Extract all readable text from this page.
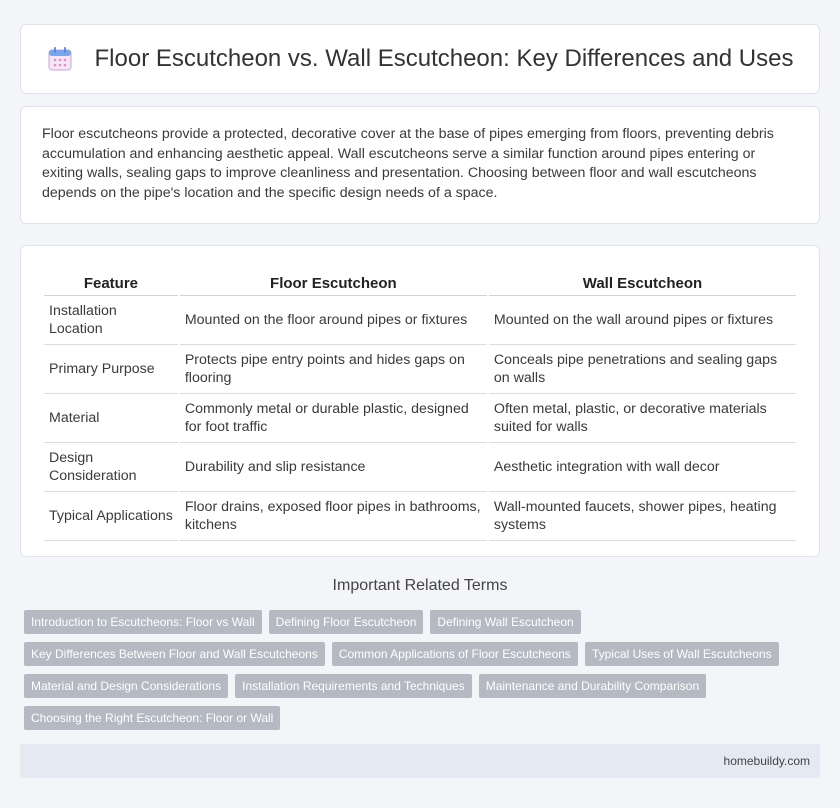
Floor Escutcheon vs. Wall Escutcheon: Key Differences and Uses

Floor escutcheons provide a protected, decorative cover at the base of pipes emerging from floors, preventing debris accumulation and enhancing aesthetic appeal. Wall escutcheons serve a similar function around pipes entering or exiting walls, sealing gaps to improve cleanliness and presentation. Choosing between floor and wall escutcheons depends on the pipe's location and the specific design needs of a space.

Feature	Floor Escutcheon	Wall Escutcheon
Installation Location	Mounted on the floor around pipes or fixtures	Mounted on the wall around pipes or fixtures
Primary Purpose	Protects pipe entry points and hides gaps on flooring	Conceals pipe penetrations and sealing gaps on walls
Material	Commonly metal or durable plastic, designed for foot traffic	Often metal, plastic, or decorative materials suited for walls
Design Consideration	Durability and slip resistance	Aesthetic integration with wall decor
Typical Applications	Floor drains, exposed floor pipes in bathrooms, kitchens	Wall-mounted faucets, shower pipes, heating systems
Important Related Terms
Introduction to Escutcheons: Floor vs Wall	Defining Floor Escutcheon	Defining Wall Escutcheon
Key Differences Between Floor and Wall Escutcheons	Common Applications of Floor Escutcheons	Typical Uses of Wall Escutcheons
Material and Design Considerations	Installation Requirements and Techniques	Maintenance and Durability Comparison
Choosing the Right Escutcheon: Floor or Wall
homebuildy.com
